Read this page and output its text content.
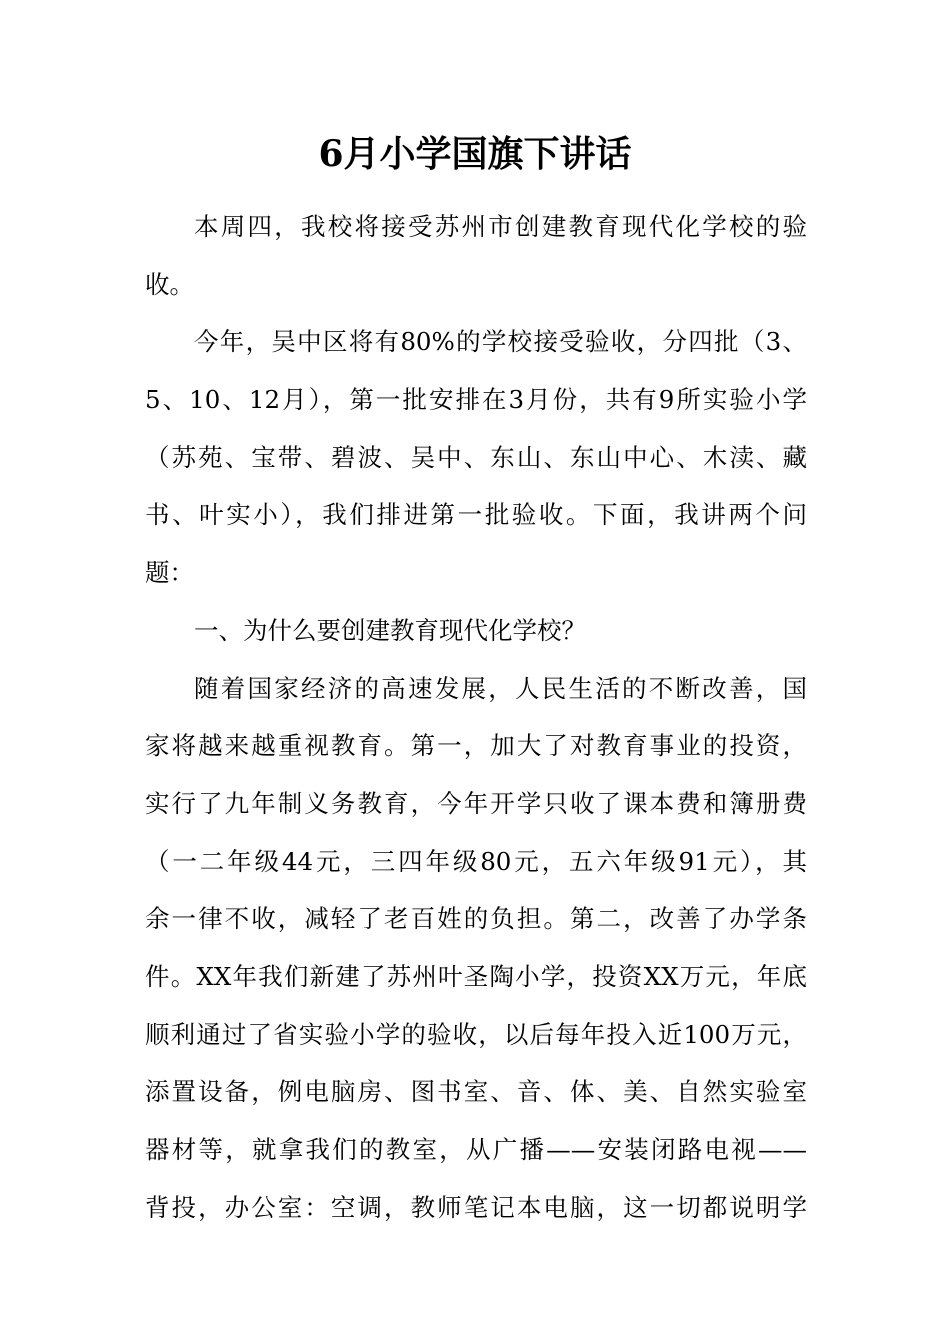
6月小学国旗下讲话
本周四，我校将接受苏州市创建教育现代化学校的验
收。
今年，吴中区将有80%的学校接受验收，分四批（3、
5、10、12月），第一批安排在3月份，共有9所实验小学
（苏苑、宝带、碧波、吴中、东山、东山中心、木渎、藏
书、叶实小），我们排进第一批验收。下面，我讲两个问
题：
一、为什么要创建教育现代化学校？
随着国家经济的高速发展，人民生活的不断改善，国
家将越来越重视教育。第一，加大了对教育事业的投资，
实行了九年制义务教育，今年开学只收了课本费和簿册费
（一二年级44元，三四年级80元，五六年级91元），其
余一律不收，减轻了老百姓的负担。第二，改善了办学条
件。XX年我们新建了苏州叶圣陶小学，投资XX万元，年底
顺利通过了省实验小学的验收，以后每年投入近100万元，
添置设备，例电脑房、图书室、音、体、美、自然实验室
器材等，就拿我们的教室，从广播——安装闭路电视——
背投，办公室：空调，教师笔记本电脑，这一切都说明学
